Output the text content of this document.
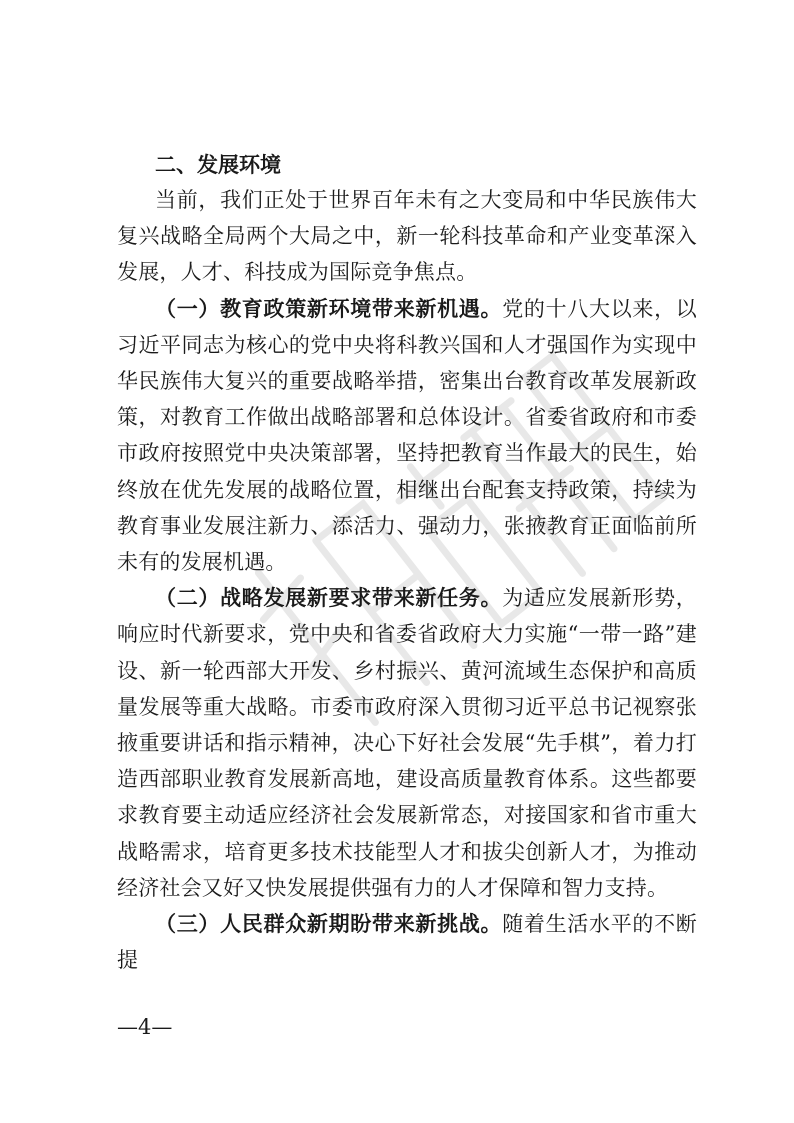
二、发展环境

当前，我们正处于世界百年未有之大变局和中华民族伟大复兴战略全局两个大局之中，新一轮科技革命和产业变革深入发展，人才、科技成为国际竞争焦点。

（一）教育政策新环境带来新机遇。党的十八大以来，以习近平同志为核心的党中央将科教兴国和人才强国作为实现中华民族伟大复兴的重要战略举措，密集出台教育改革发展新政策，对教育工作做出战略部署和总体设计。省委省政府和市委市政府按照党中央决策部署，坚持把教育当作最大的民生，始终放在优先发展的战略位置，相继出台配套支持政策，持续为教育事业发展注新力、添活力、强动力，张掖教育正面临前所未有的发展机遇。

（二）战略发展新要求带来新任务。为适应发展新形势，响应时代新要求，党中央和省委省政府大力实施“一带一路”建设、新一轮西部大开发、乡村振兴、黄河流域生态保护和高质量发展等重大战略。市委市政府深入贯彻习近平总书记视察张掖重要讲话和指示精神，决心下好社会发展“先手棋”，着力打造西部职业教育发展新高地，建设高质量教育体系。这些都要求教育要主动适应经济社会发展新常态，对接国家和省市重大战略需求，培育更多技术技能型人才和拔尖创新人才，为推动经济社会又好又快发展提供强有力的人才保障和智力支持。

（三）人民群众新期盼带来新挑战。随着生活水平的不断提

—4—
